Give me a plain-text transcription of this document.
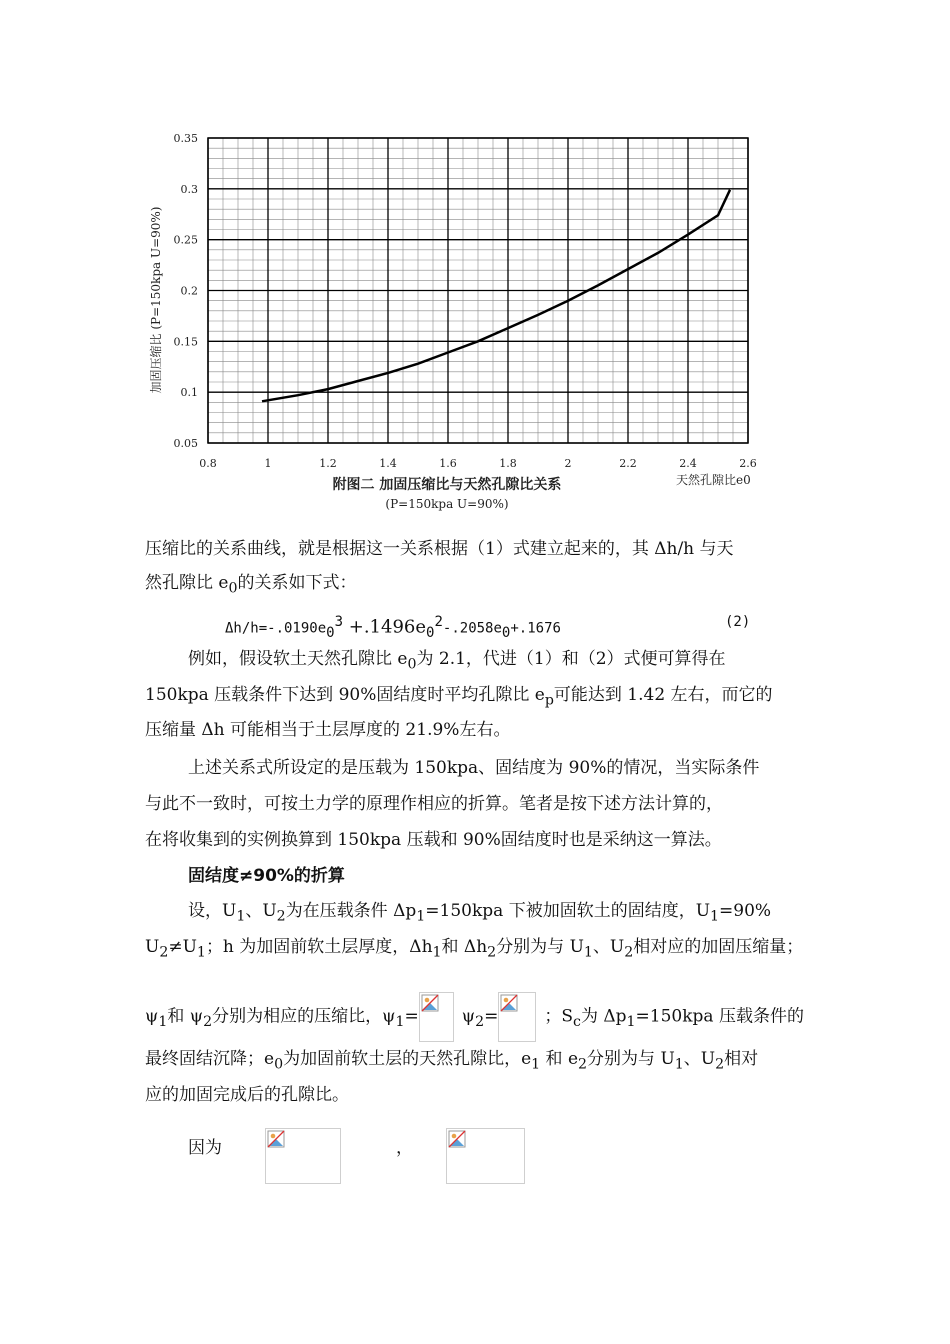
0.8	1	1.2	1.4	1.6	1.8	2	2.2	2.4	2.6
0.35
0.3
0.25
0.2
0.15
0.1
0.05
附图二 加固压缩比与天然孔隙比关系
(P=150kpa U=90%)
天然孔隙比e0
加固压缩比 (P=150kpa U=90%)
压缩比的关系曲线，就是根据这一关系根据（1）式建立起来的，其 Δh/h 与天
然孔隙比 $e_0$的关系如下式：
$\Delta h/h=-.0190e_0^3 +.1496e_0^2-.2058e_0+.1676$	(2)
例如，假设软土天然孔隙比 $e_0$为 2.1，代进（1）和（2）式便可算得在
150kpa 压载条件下达到 90%固结度时平均孔隙比 $e_p$可能达到 1.42 左右，而它的
压缩量 Δh 可能相当于土层厚度的 21.9%左右。
上述关系式所设定的是压载为 150kpa、固结度为 90%的情况，当实际条件
与此不一致时，可按土力学的原理作相应的折算。笔者是按下述方法计算的，
在将收集到的实例换算到 150kpa 压载和 90%固结度时也是采纳这一算法。
固结度≠90%的折算
设，$U_1$、$U_2$为在压载条件 $\Delta p_1=150kpa$ 下被加固软土的固结度，$U_1=90\%$
$U_2\ne U_1$；h 为加固前软土层厚度，$\Delta h_1$和 $\Delta h_2$分别为与 $U_1$、$U_2$相对应的加固压缩量；
$\psi_1$和 $\psi_2$分别为相应的压缩比，$\psi_1=$	$\psi_2=$	；$S_c$为 $\Delta p_1=150kpa$ 压载条件的
最终固结沉降；$e_0$为加固前软土层的天然孔隙比，$e_1$ 和 $e_2$分别为与 $U_1$、$U_2$相对
应的加固完成后的孔隙比。
因为	，
